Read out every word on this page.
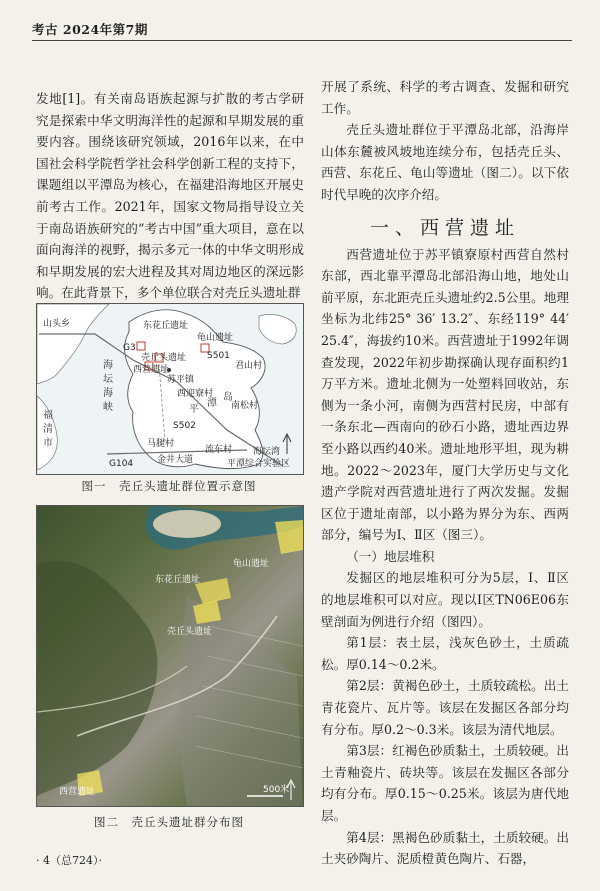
考古 2024年第7期

发地[1]。有关南岛语族起源与扩散的考古学研究是探索中华文明海洋性的起源和早期发展的重要内容。围绕该研究领域，2016年以来，在中国社会科学院哲学社会科学创新工程的支持下，课题组以平潭岛为核心，在福建沿海地区开展史前考古工作。2021年，国家文物局指导设立关于南岛语族研究的“考古中国”重大项目，意在以面向海洋的视野，揭示多元一体的中华文明形成和早期发展的宏大进程及其对周边地区的深远影响。在此背景下，多个单位联合对壳丘头遗址群

山头乡
G3
东花丘遗址
龟山遗址
壳丘头遗址
西营遗址
S501
君山村
苏平镇
西迎寮村
南松村
平
潭
岛
S502
马腿村
流东村
G104	金井大道
海坛湾
平潭综合实验区
海
坛
海
峡
福
清
市
图一　壳丘头遗址群位置示意图
龟山遗址
东花丘遗址
壳丘头遗址
西营遗址	500米
图二　壳丘头遗址群分布图

开展了系统、科学的考古调查、发掘和研究工作。

壳丘头遗址群位于平潭岛北部，沿海岸山体东麓被风坡地连续分布，包括壳丘头、西营、东花丘、龟山等遗址（图二）。以下依时代早晚的次序介绍。

一、西营遗址

西营遗址位于苏平镇寮原村西营自然村东部，西北靠平潭岛北部沿海山地，地处山前平原，东北距壳丘头遗址约2.5公里。地理坐标为北纬25° 36′ 13.2″、东经119° 44′ 25.4″，海拔约10米。西营遗址于1992年调查发现，2022年初步勘探确认现存面积约1万平方米。遗址北侧为一处塑料回收站，东侧为一条小河，南侧为西营村民房，中部有一条东北—西南向的砂石小路，遗址西边界至小路以西约40米。遗址地形平坦，现为耕地。2022～2023年，厦门大学历史与文化遗产学院对西营遗址进行了两次发掘。发掘区位于遗址南部，以小路为界分为东、西两部分，编号为Ⅰ、Ⅱ区（图三）。

（一）地层堆积

发掘区的地层堆积可分为5层，Ⅰ、Ⅱ区的地层堆积可以对应。现以Ⅰ区TN06E06东壁剖面为例进行介绍（图四）。

第1层：表土层，浅灰色砂土，土质疏松。厚0.14～0.2米。

第2层：黄褐色砂土，土质较疏松。出土青花瓷片、瓦片等。该层在发掘区各部分均有分布。厚0.2～0.3米。该层为清代地层。

第3层：红褐色砂质黏土，土质较硬。出土青釉瓷片、砖块等。该层在发掘区各部分均有分布。厚0.15～0.25米。该层为唐代地层。

第4层：黑褐色砂质黏土，土质较硬。出土夹砂陶片、泥质橙黄色陶片、石器，

· 4（总724）·
